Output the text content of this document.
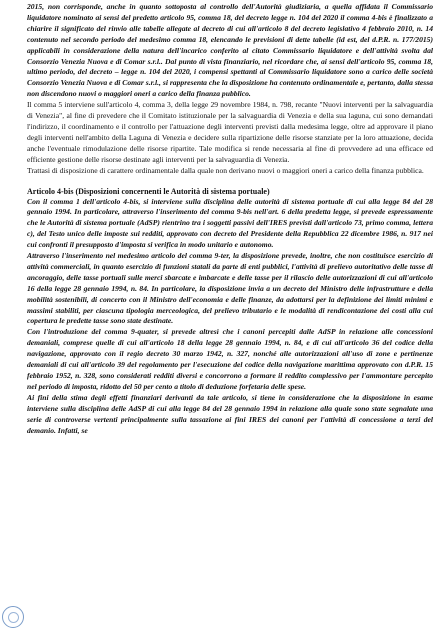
2015, non corrisponde, anche in quanto sottoposta al controllo dell'Autorità giudiziaria, a quella affidata il Commissario liquidatore nominato ai sensi del predetto articolo 95, comma 18, del decreto legge n. 104 del 2020 il comma 4-bis è finalizzato a chiarire il significato del rinvio alle tabelle allegate al decreto di cui all'articolo 8 del decreto legislativo 4 febbraio 2010, n. 14 contenuto nel secondo periodo del medesimo comma 18, elencando le previsioni di dette tabelle (id est, del d.P.R. n. 177/2015) applicabili in considerazione della natura dell'incarico conferito al citato Commissario liquidatore e dell'attività svolta dal Consorzio Venezia Nuova e di Comar s.r.l.. Dal punto di vista finanziario, nel ricordare che, ai sensi dell'articolo 95, comma 18, ultimo periodo, del decreto – legge n. 104 del 2020, i compensi spettanti al Commissario liquidatore sono a carico delle società Consorzio Venezia Nuova e di Comar s.r.l., si rappresenta che la disposizione ha contenuto ordinamentale e, pertanto, dalla stessa non discendono nuovi o maggiori oneri a carico della finanza pubblico.

Il comma 5 interviene sull'articolo 4, comma 3, della legge 29 novembre 1984, n. 798, recante "Nuovi interventi per la salvaguardia di Venezia", al fine di prevedere che il Comitato istituzionale per la salvaguardia di Venezia e della sua laguna, cui sono demandati l'indirizzo, il coordinamento e il controllo per l'attuazione degli interventi previsti dalla medesima legge, oltre ad approvare il piano degli interventi nell'ambito della Laguna di Venezia e decidere sulla ripartizione delle risorse stanziate per la loro attuazione, decida anche l'eventuale rimodulazione delle risorse ripartite. Tale modifica si rende necessaria al fine di provvedere ad una efficace ed efficiente gestione delle risorse destinate agli interventi per la salvaguardia di Venezia.

Trattasi di disposizione di carattere ordinamentale dalla quale non derivano nuovi o maggiori oneri a carico della finanza pubblica.

Articolo 4-bis (Disposizioni concernenti le Autorità di sistema portuale)

Con il comma 1 dell'articolo 4-bis, si interviene sulla disciplina delle autorità di sistema portuale di cui alla legge 84 del 28 gennaio 1994. In particolare, attraverso l'inserimento del comma 9-bis nell'art. 6 della predetta legge, si prevede espressamente che le Autorità di sistema portuale (AdSP) rientrino tra i soggetti passivi dell'IRES previsti dall'articolo 73, primo comma, lettera c), del Testo unico delle imposte sui redditi, approvato con decreto del Presidente della Repubblica 22 dicembre 1986, n. 917 nei cui confronti il presupposto d'imposta si verifica in modo unitario e autonomo.

Attraverso l'inserimento nel medesimo articolo del comma 9-ter, la disposizione prevede, inoltre, che non costituisce esercizio di attività commerciali, in quanto esercizio di funzioni statali da parte di enti pubblici, l'attività di prelievo autoritativo delle tasse di ancoraggio, delle tasse portuali sulle merci sbarcate e imbarcate e delle tasse per il rilascio delle autorizzazioni di cui all'articolo 16 della legge 28 gennaio 1994, n. 84. In particolare, la disposizione invia a un decreto del Ministro delle infrastrutture e della mobilità sostenibili, di concerto con il Ministro dell'economia e delle finanze, da adottarsi per la definizione dei limiti minimi e massimi stabiliti, per ciascuna tipologia merceologica, del prelievo tributario e le modalità di rendicontazione dei costi alla cui copertura le predette tasse sono state destinate.

Con l'introduzione del comma 9-quater, si prevede altresì che i canoni percepiti dalle AdSP in relazione alle concessioni demaniali, comprese quelle di cui all'articolo 18 della legge 28 gennaio 1994, n. 84, e di cui all'articolo 36 del codice della navigazione, approvato con il regio decreto 30 marzo 1942, n. 327, nonché alle autorizzazioni all'uso di zone e pertinenze demaniali di cui all'articolo 39 del regolamento per l'esecuzione del codice della navigazione marittima approvato con d.P.R. 15 febbraio 1952, n. 328, sono considerati redditi diversi e concorrono a formare il reddito complessivo per l'ammontare percepito nel periodo di imposta, ridotto del 50 per cento a titolo di deduzione forfetaria delle spese.

Ai fini della stima degli effetti finanziari derivanti da tale articolo, si tiene in considerazione che la disposizione in esame interviene sulla disciplina delle AdSP di cui alla legge 84 del 28 gennaio 1994 in relazione alla quale sono state segnalate una serie di controverse vertenti principalmente sulla tassazione ai fini IRES dei canoni per l'attività di concessione a terzi del demanio. Infatti, se
